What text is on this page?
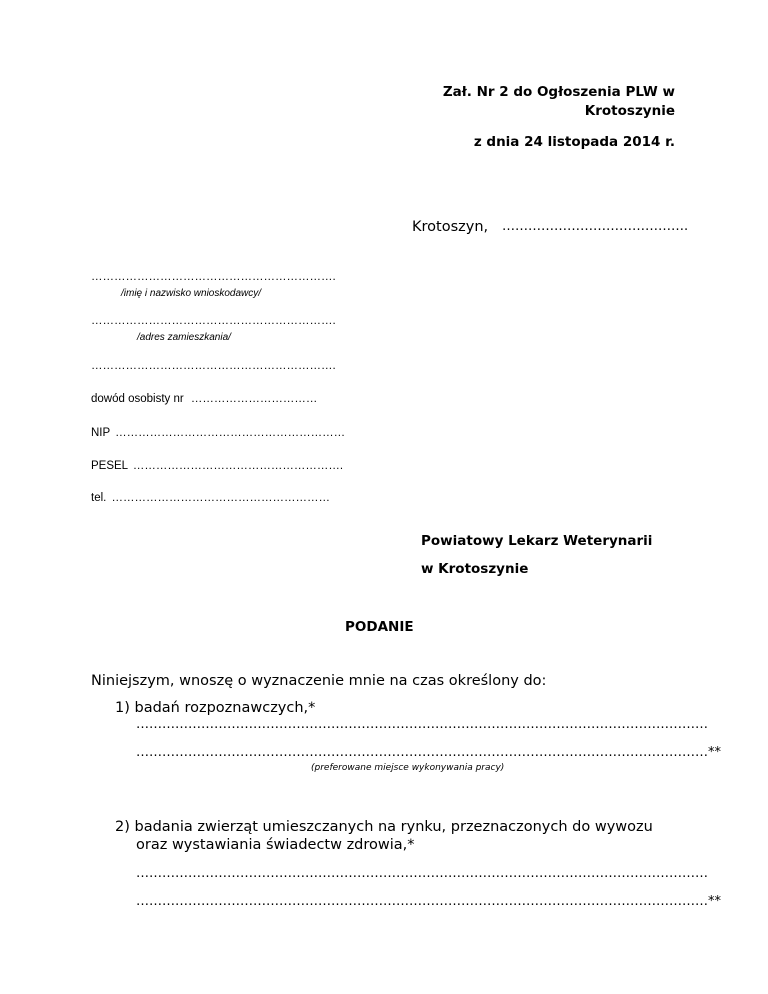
Zał. Nr 2 do Ogłoszenia PLW w
Krotoszynie
z dnia 24 listopada 2014 r.
Krotoszyn, …………………………………….
……………………………………………………….
/imię i nazwisko wnioskodawcy/
……………………………………………………….
/adres zamieszkania/
……………………………………………………….
dowód osobisty nr ……………………………
NIP ……………………………………………………
PESEL ……………………………………………….
tel. …………………………………………………
Powiatowy Lekarz Weterynarii
w Krotoszynie
PODANIE
Niniejszym, wnoszę o wyznaczenie mnie na czas określony do:
1) badań rozpoznawczych,*
……………………………………………………………………………………………………………………
……………………………………………………………………………………………………………………**
(preferowane miejsce wykonywania pracy)
2) badania zwierząt umieszczanych na rynku, przeznaczonych do wywozu
oraz wystawiania świadectw zdrowia,*
……………………………………………………………………………………………………………………
……………………………………………………………………………………………………………………**
